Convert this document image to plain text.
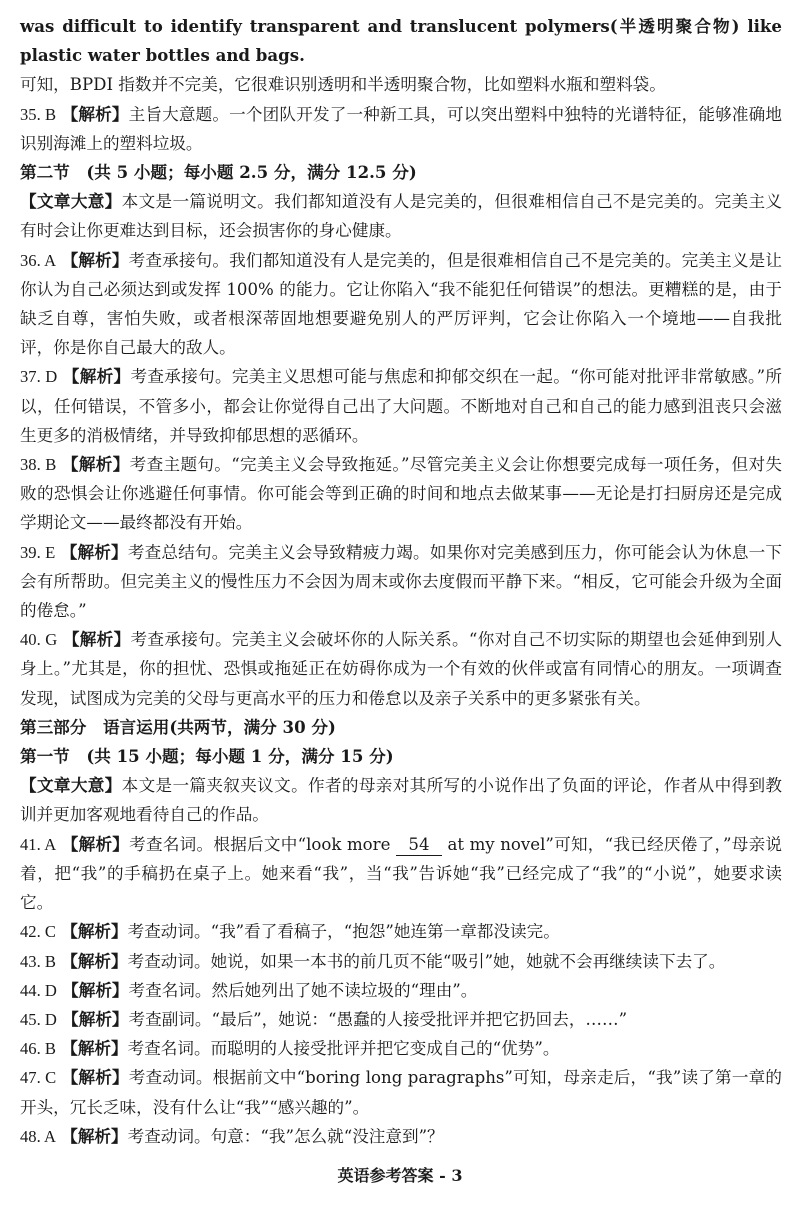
was difficult to identify transparent and translucent polymers(半透明聚合物) like plastic water bottles and bags.
可知，BPDI 指数并不完美，它很难识别透明和半透明聚合物，比如塑料水瓶和塑料袋。

35. B 【解析】主旨大意题。一个团队开发了一种新工具，可以突出塑料中独特的光谱特征，能够准确地识别海滩上的塑料垃圾。

第二节　(共 5 小题；每小题 2.5 分，满分 12.5 分)

【文章大意】本文是一篇说明文。我们都知道没有人是完美的，但很难相信自己不是完美的。完美主义有时会让你更难达到目标，还会损害你的身心健康。

36. A 【解析】考查承接句。我们都知道没有人是完美的，但是很难相信自己不是完美的。完美主义是让你认为自己必须达到或发挥 100% 的能力。它让你陷入“我不能犯任何错误”的想法。更糟糕的是，由于缺乏自尊，害怕失败，或者根深蒂固地想要避免别人的严厉评判，它会让你陷入一个境地——自我批评，你是你自己最大的敌人。

37. D 【解析】考查承接句。完美主义思想可能与焦虑和抑郁交织在一起。“你可能对批评非常敏感。”所以，任何错误，不管多小，都会让你觉得自己出了大问题。不断地对自己和自己的能力感到沮丧只会滋生更多的消极情绪，并导致抑郁思想的恶循环。

38. B 【解析】考查主题句。“完美主义会导致拖延。”尽管完美主义会让你想要完成每一项任务，但对失败的恐惧会让你逃避任何事情。你可能会等到正确的时间和地点去做某事——无论是打扫厨房还是完成学期论文——最终都没有开始。

39. E 【解析】考查总结句。完美主义会导致精疲力竭。如果你对完美感到压力，你可能会认为休息一下会有所帮助。但完美主义的慢性压力不会因为周末或你去度假而平静下来。“相反，它可能会升级为全面的倦怠。”

40. G 【解析】考查承接句。完美主义会破坏你的人际关系。“你对自己不切实际的期望也会延伸到别人身上。”尤其是，你的担忧、恐惧或拖延正在妨碍你成为一个有效的伙伴或富有同情心的朋友。一项调查发现，试图成为完美的父母与更高水平的压力和倦怠以及亲子关系中的更多紧张有关。

第三部分　语言运用(共两节，满分 30 分)

第一节　(共 15 小题；每小题 1 分，满分 15 分)

【文章大意】本文是一篇夹叙夹议文。作者的母亲对其所写的小说作出了负面的评论，作者从中得到教训并更加客观地看待自己的作品。

41. A 【解析】考查名词。根据后文中“look more 54 at my novel”可知，“我已经厌倦了，”母亲说着，把“我”的手稿扔在桌子上。她来看“我”，当“我”告诉她“我”已经完成了“我”的“小说”，她要求读它。

42. C 【解析】考查动词。“我”看了看稿子，“抱怨”她连第一章都没读完。

43. B 【解析】考查动词。她说，如果一本书的前几页不能“吸引”她，她就不会再继续读下去了。

44. D 【解析】考查名词。然后她列出了她不读垃圾的“理由”。

45. D 【解析】考查副词。“最后”，她说：“愚蠢的人接受批评并把它扔回去，……”

46. B 【解析】考查名词。而聪明的人接受批评并把它变成自己的“优势”。

47. C 【解析】考查动词。根据前文中“boring long paragraphs”可知，母亲走后，“我”读了第一章的开头，冗长乏味，没有什么让“我”“感兴趣的”。

48. A 【解析】考查动词。句意：“我”怎么就“没注意到”？

英语参考答案 - 3
